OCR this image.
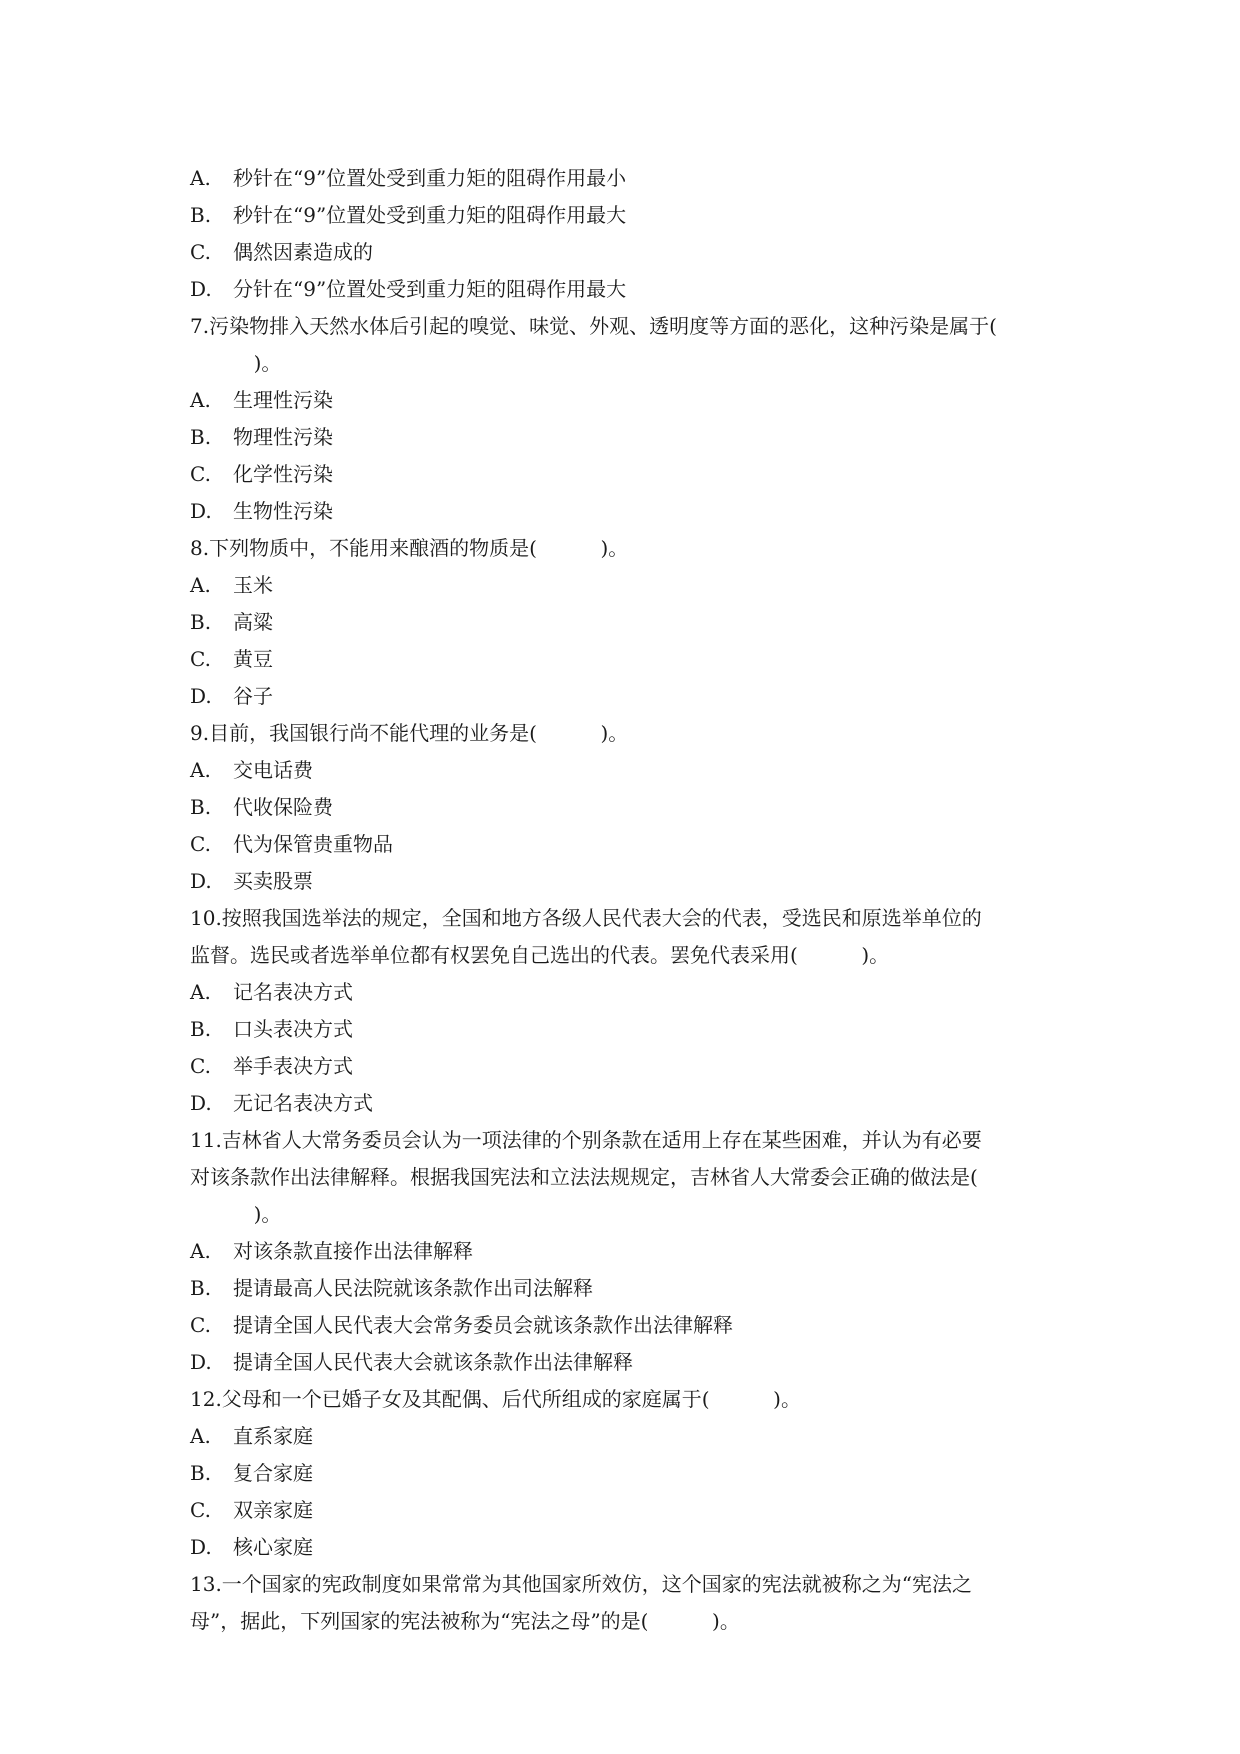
A.	秒针在“9”位置处受到重力矩的阻碍作用最小
B.	秒针在“9”位置处受到重力矩的阻碍作用最大
C.	偶然因素造成的
D.	分针在“9”位置处受到重力矩的阻碍作用最大
7.污染物排入天然水体后引起的嗅觉、味觉、外观、透明度等方面的恶化，这种污染是属于(
)。
A.	生理性污染
B.	物理性污染
C.	化学性污染
D.	生物性污染
8.下列物质中，不能用来酿酒的物质是(          )。
A.	玉米
B.	高粱
C.	黄豆
D.	谷子
9.目前，我国银行尚不能代理的业务是(          )。
A.	交电话费
B.	代收保险费
C.	代为保管贵重物品
D.	买卖股票
10.按照我国选举法的规定，全国和地方各级人民代表大会的代表，受选民和原选举单位的
监督。选民或者选举单位都有权罢免自己选出的代表。罢免代表采用(          )。
A.	记名表决方式
B.	口头表决方式
C.	举手表决方式
D.	无记名表决方式
11.吉林省人大常务委员会认为一项法律的个别条款在适用上存在某些困难，并认为有必要
对该条款作出法律解释。根据我国宪法和立法法规规定，吉林省人大常委会正确的做法是(
)。
A.	对该条款直接作出法律解释
B.	提请最高人民法院就该条款作出司法解释
C.	提请全国人民代表大会常务委员会就该条款作出法律解释
D.	提请全国人民代表大会就该条款作出法律解释
12.父母和一个已婚子女及其配偶、后代所组成的家庭属于(          )。
A.	直系家庭
B.	复合家庭
C.	双亲家庭
D.	核心家庭
13.一个国家的宪政制度如果常常为其他国家所效仿，这个国家的宪法就被称之为“宪法之
母”，据此，下列国家的宪法被称为“宪法之母”的是(          )。
